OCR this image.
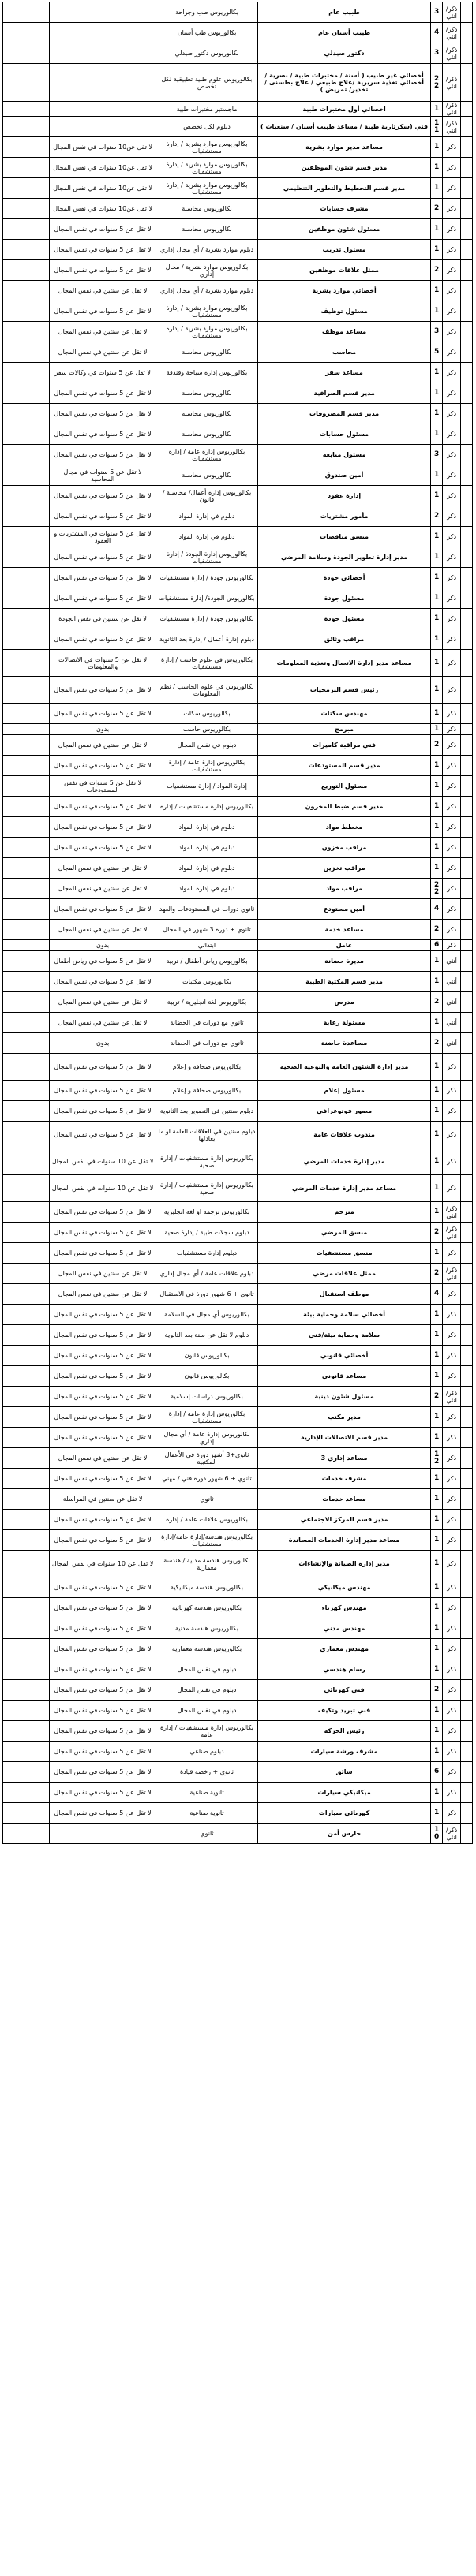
	ذكر/ انثي	3	طبيب عام	بكالوريوس طب وجراحة		
	ذكر/ انثي	4	طبيب أسنان عام	بكالوريوس طب أسنان		
	ذكر/ انثي	3	دكتور صيدلي	بكالوريوس دكتور صيدلي		
	ذكر/ انثي	22	أخصائي غير طبيب ( أسنة / مختبرات طبية / بصرية / أخصائي تغذية سريرية /علاج طبيعي / علاج بطسنى / تخدير/ تمريض )	بكالوريوس علوم طبية تطبيقية لكل تخصص		
	ذكر/ انثي	1	اخصائي أول مختبرات طبية	ماجستير مختبرات طبية		
	ذكر/ انثي	11	فني (سكرتارية طبية / مساعد طبيب أسنان / سنعيات )	دبلوم لكل تخصص		
	ذكر	1	مساعد مدير موارد بشرية	بكالوريوس موارد بشرية / إدارة مستشفيات	لا تقل عن10 سنوات في نفس المجال	
	ذكر	1	مدير قسم شئون الموظفين	بكالوريوس موارد بشرية / إدارة مستشفيات	لا تقل عن10 سنوات في نفس المجال	
	ذكر	1	مدير قسم التخطيط والتطوير التنظيمي	بكالوريوس موارد بشرية / إدارة مستشفيات	لا تقل عن10 سنوات في نفس المجال	
	ذكر	2	مشرف حسابات	بكالوريوس محاسبة	لا تقل عن10 سنوات في نفس المجال	
	ذكر	1	مسئول شئون موظفين	بكالوريوس محاسبة	لا تقل عن 5 سنوات في نفس المجال	
	ذكر	1	مسئول تدريب	دبلوم موارد بشرية / أي مجال إداري	لا تقل عن 5 سنوات في نفس المجال	
	ذكر	2	ممثل علاقات موظفين	بكالوريوس موارد بشرية / مجال إداري	لا تقل عن 5 سنوات في نفس المجال	
	ذكر	1	أخصائي موارد بشرية	دبلوم موارد بشرية / أي مجال إداري	لا تقل عن سنتين في نفس المجال	
	ذكر	1	مسئول توظيف	بكالوريوس موارد بشرية / إدارة مستشفيات	لا تقل عن 5 سنوات في نفس المجال	
	ذكر	3	مساعد موظف	بكالوريوس موارد بشرية / إدارة مستشفيات	لا تقل عن سنتين في نفس المجال	
	ذكر	5	محاسب	بكالوريوس محاسبة	لا تقل عن سنتين في نفس المجال	
	ذكر	1	مساعد سفر	بكالوريوس إدارة سياحة وفندقة	لا تقل عن 5 سنوات في وكالات سفر	
	ذكر	1	مدير قسم الصرافية	بكالوريوس محاسبة	لا تقل عن 5 سنوات في نفس المجال	
	ذكر	1	مدير قسم المصروفات	بكالوريوس محاسبة	لا تقل عن 5 سنوات في نفس المجال	
	ذكر	1	مسئول حسابات	بكالوريوس محاسبة	لا تقل عن 5 سنوات في نفس المجال	
	ذكر	3	مسئول متابعة	بكالوريوس إدارة عامة / إدارة مستشفيات	لا تقل عن 5 سنوات في نفس المجال	
	ذكر	1	أمين صندوق	بكالوريوس محاسبة	لا تقل عن 5 سنوات في مجال المحاسبة	
	ذكر	1	إدارة عقود	بكالوريوس إدارة أعمال/ محاسبة / قانون	لا تقل عن 5 سنوات في نفس المجال	
	ذكر	2	مأمور مشتريات	دبلوم في إدارة المواد	لا تقل عن 5 سنوات في نفس المجال	
	ذكر	1	منسق مناقصات	دبلوم في إدارة المواد	لا تقل عن 5 سنوات في المشتريات و العقود	
	ذكر	1	مدير إدارة تطوير الجودة وسلامة المرضي	بكالوريوس إدارة الجودة / إدارة مستشفيات	لا تقل عن 5 سنوات في نفس المجال	
	ذكر	1	أخصائي جودة	بكالوريوس جودة / إدارة مستشفيات	لا تقل عن 5 سنوات في نفس المجال	
	ذكر	1	مسئول جودة	بكالوريوس الجودة/ إدارة مستشفيات	لا تقل عن 5 سنوات في نفس المجال	
	ذكر	1	مسئول جودة	بكالوريوس جودة / إدارة مستشفيات	لا تقل عن سنتين في نفس الجودة	
	ذكر	1	مراقب وثائق	دبلوم إدارة أعمال / إدارة بعد الثانوية	لا تقل عن 5 سنوات في نفس المجال	
	ذكر	1	مساعد مدير إدارة الاتصال وتغذية المعلومات	بكالوريوس في علوم حاسب / إدارة مستشفيات	لا تقل عن 5 سنوات في الاتصالات والمعلومات	
	ذكر	1	رئيس قسم البرمجيات	بكالوريوس في علوم الحاسب / نظم المعلومات	لا تقل عن 5 سنوات في نفس المجال	
	ذكر	1	مهندس سكتات	بكالوريوس سكات	لا تقل عن 5 سنوات في نفس المجال	
	ذكر	1	مبرمج	بكالوريوس حاسب	بدون	
	ذكر	2	فني مراقبة كاميرات	دبلوم في نفس المجال	لا تقل عن سنتين في نفس المجال	
	ذكر	1	مدير قسم المستودعات	بكالوريوس إدارة عامة / إدارة مستشفيات	لا تقل عن 5 سنوات في نفس المجال	
	ذكر	1	مسئول التوريع	إدارة المواد / إدارة مستشفيات	لا تقل عن 5 سنوات في نفس المستودعات	
	ذكر	1	مدير قسم ضبط المخزون	بكالوريوس إدارة مستشفيات / إدارة	لا تقل عن 5 سنوات في نفس المجال	
	ذكر	1	مخطط مواد	دبلوم في إدارة المواد	لا تقل عن 5 سنوات في نفس المجال	
	ذكر	1	مراقب مخزون	دبلوم في إدارة المواد	لا تقل عن 5 سنوات في نفس المجال	
	ذكر	1	مراقب تخزين	دبلوم في إدارة المواد	لا تقل عن سنتين في نفس المجال	
	ذكر	22	مراقب مواد	دبلوم في إدارة المواد	لا تقل عن سنتين في نفس المجال	
	ذكر	4	أمين مستودع	ثانوي دورات في المستودعات والعهد	لا تقل عن 5 سنوات في نفس المجال	
	ذكر	2	مساعد خدمة	ثانوي + دورة 3 شهور في المجال	لا تقل عن سنتين في نفس المجال	
	ذكر	6	عامل	ابتدائي	بدون	
	أنثي	1	مديرة حضانة	بكالوريوس رياض أطفال / تربية	لا تقل عن 5 سنوات في رياض أطفال	
	أنثي	1	مدير قسم المكتبة الطبية	بكالوريوس مكتبات	لا تقل عن 5 سنوات في نفس المجال	
	أنثي	2	مدرس	بكالوريوس لغة انجليزية / تربية	لا تقل عن سنتين في نفس المجال	
	أنثي	1	مسئولة رعاية	ثانوي مع دورات في الحضانة	لا تقل عن سنتين في نفس المجال	
	أنثي	2	مساعدة حاضنة	ثانوي مع دورات في الحضانة	بدون	
	ذكر	1	مدير إدارة الشئون العامة والتوعية الصحية	بكالوريوس صحافة و إعلام	لا تقل عن 5 سنوات في نفس المجال	
	ذكر	1	مسئول إعلام	بكالوريوس صحافة و إعلام	لا تقل عن 5 سنوات في نفس المجال	
	ذكر	1	مصور فوتوغرافي	دبلوم سنتين في التصوير بعد الثانوية	لا تقل عن 5 سنوات في نفس المجال	
	ذكر	1	مندوب علاقات عامة	دبلوم سنتين في العلاقات العامة او ما يعادلها	لا تقل عن 5 سنوات في نفس المجال	
	ذكر	1	مدير إدارة خدمات المرضي	بكالوريوس إدارة مستشفيات / إدارة صحية	لا تقل عن 10 سنوات في نفس المجال	
	ذكر	1	مساعد مدير إدارة خدمات المرضي	بكالوريوس إدارة مستشفيات / إدارة صحية	لا تقل عن 10 سنوات في نفس المجال	
	ذكر/ انثي	1	مترجم	بكالوريوس ترجمة او لغة انجليزية	لا تقل عن 5 سنوات في نفس المجال	
	ذكر/ انثي	2	منسق المرضي	دبلوم سجلات طبية / إدارة صحية	لا تقل عن 5 سنوات في نفس المجال	
	ذكر	1	منسق مستشفيات	دبلوم إدارة مستشفيات	لا تقل عن 5 سنوات في نفس المجال	
	ذكر/ انثي	2	ممثل علاقات مرضي	دبلوم علاقات عامة / أي مجال إداري	لا تقل عن سنتين في نفس المجال	
	ذكر	4	موظف استقبال	ثانوي + 6 شهور دورة في الاستقبال	لا تقل عن سنتين في نفس المجال	
	ذكر	1	أخصائي سلامة وحماية بيئة	بكالوريوس أي مجال في السلامة	لا تقل عن 5 سنوات في نفس المجال	
	ذكر	1	سلامة وحماية بيئة/فني	دبلوم لا تقل عن سنة بعد الثانوية	لا تقل عن 5 سنوات في نفس المجال	
	ذكر	1	أخصائي قانوني	بكالوريوس قانون	لا تقل عن 5 سنوات في نفس المجال	
	ذكر	1	مساعد قانوني	بكالوريوس قانون	لا تقل عن 5 سنوات في نفس المجال	
	ذكر/ انثي	2	مسئول شئون دينية	بكالوريوس دراسات إسلامية	لا تقل عن 5 سنوات في نفس المجال	
	ذكر	1	مدير مكتب	بكالوريوس إدارة عامة / إدارة مستشفيات	لا تقل عن 5 سنوات في نفس المجال	
	ذكر	1	مدير قسم الاتصالات الإدارية	بكالوريوس إدارة عامة / أي مجال إداري	لا تقل عن 5 سنوات في نفس المجال	
	ذكر	12	مساعد إداري 3	ثانوي+3 أشهر دورة في الأعمال المكتبية	لا تقل عن سنتين في نفس المجال	
	ذكر	1	مشرف خدمات	ثانوي + 6 شهور دورة فني / مهني	لا تقل عن 5 سنوات في نفس المجال	
	ذكر	1	مساعد خدمات	ثانوي	لا تقل عن سنتين في المراسلة	
	ذكر	1	مدير قسم المركز الاجتماعي	بكالوريوس علاقات عامة / إدارة	لا تقل عن 5 سنوات في نفس المجال	
	ذكر	1	مساعد مدير إدارة الخدمات المساندة	بكالوريوس هندسة/إدارة عامة/إدارة مستشفيات	لا تقل عن 5 سنوات في نفس المجال	
	ذكر	1	مدير إدارة الصيانة والإنشاءات	بكالوريوس هندسة مدنية / هندسة معمارية	لا تقل عن 10 سنوات في نفس المجال	
	ذكر	1	مهندس ميكانيكي	بكالوريوس هندسة ميكانيكية	لا تقل عن 5 سنوات في نفس المجال	
	ذكر	1	مهندس كهرباء	بكالوريوس هندسة كهربائية	لا تقل عن 5 سنوات في نفس المجال	
	ذكر	1	مهندس مدني	بكالوريوس هندسة مدنية	لا تقل عن 5 سنوات في نفس المجال	
	ذكر	1	مهندس معماري	بكالوريوس هندسة معمارية	لا تقل عن 5 سنوات في نفس المجال	
	ذكر	1	رسام هندسي	دبلوم في نفس المجال	لا تقل عن 5 سنوات في نفس المجال	
	ذكر	2	فني كهربائي	دبلوم في نفس المجال	لا تقل عن 5 سنوات في نفس المجال	
	ذكر	1	فني تبريد وتكيف	دبلوم في نفس المجال	لا تقل عن 5 سنوات في نفس المجال	
	ذكر	1	رئيس الحركة	بكالوريوس إدارة مستشفيات / إدارة عامة	لا تقل عن 5 سنوات في نفس المجال	
	ذكر	1	مشرف ورشة سيارات	دبلوم صناعي	لا تقل عن 5 سنوات في نفس المجال	
	ذكر	6	سائق	ثانوي + رخصة قيادة	لا تقل عن 5 سنوات في نفس المجال	
	ذكر	1	ميكانيكي سيارات	ثانوية صناعية	لا تقل عن 5 سنوات في نفس المجال	
	ذكر	1	كهربائي سيارات	ثانوية صناعية	لا تقل عن 5 سنوات في نفس المجال	
	ذكر/ انثي	10	حارس أمن	ثانوي		
